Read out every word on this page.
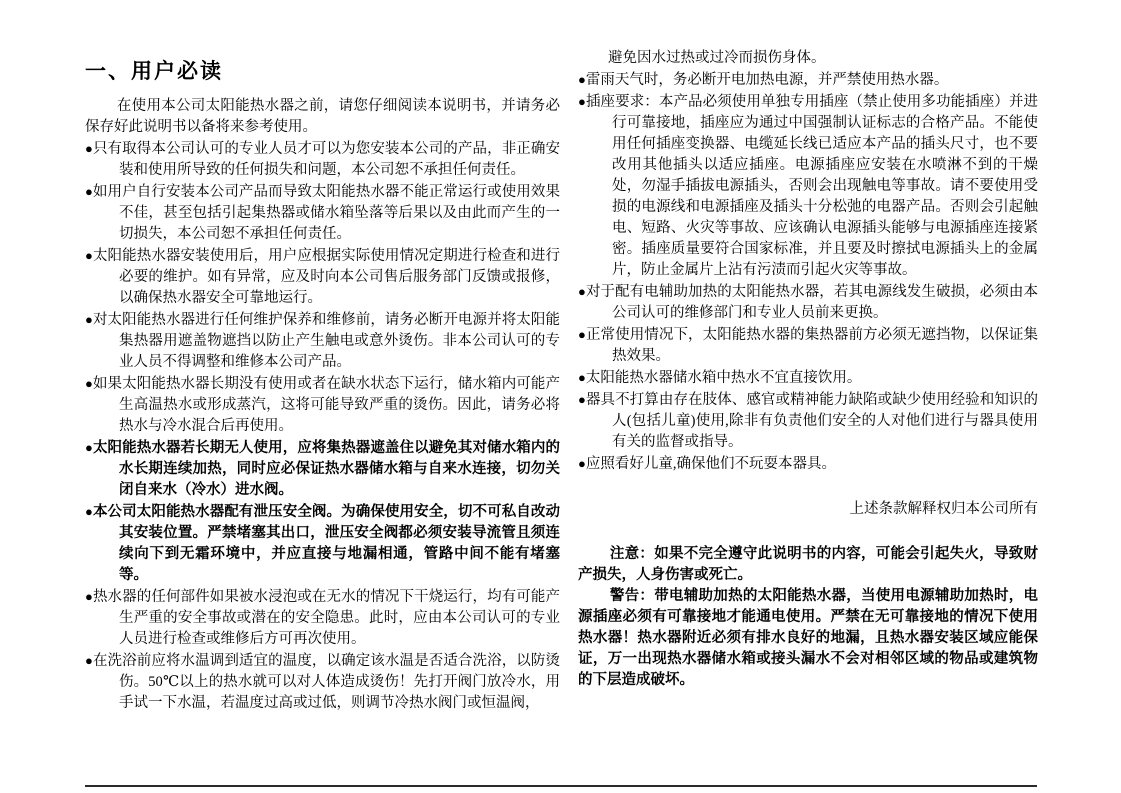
一、用户必读

在使用本公司太阳能热水器之前，请您仔细阅读本说明书，并请务必保存好此说明书以备将来参考使用。

●只有取得本公司认可的专业人员才可以为您安装本公司的产品，非正确安装和使用所导致的任何损失和问题，本公司恕不承担任何责任。

●如用户自行安装本公司产品而导致太阳能热水器不能正常运行或使用效果不佳，甚至包括引起集热器或储水箱坠落等后果以及由此而产生的一切损失，本公司恕不承担任何责任。

●太阳能热水器安装使用后，用户应根据实际使用情况定期进行检查和进行必要的维护。如有异常，应及时向本公司售后服务部门反馈或报修，以确保热水器安全可靠地运行。

●对太阳能热水器进行任何维护保养和维修前，请务必断开电源并将太阳能集热器用遮盖物遮挡以防止产生触电或意外烫伤。非本公司认可的专业人员不得调整和维修本公司产品。

●如果太阳能热水器长期没有使用或者在缺水状态下运行，储水箱内可能产生高温热水或形成蒸汽，这将可能导致严重的烫伤。因此，请务必将热水与冷水混合后再使用。

●太阳能热水器若长期无人使用，应将集热器遮盖住以避免其对储水箱内的水长期连续加热，同时应必保证热水器储水箱与自来水连接，切勿关闭自来水（冷水）进水阀。

●本公司太阳能热水器配有泄压安全阀。为确保使用安全，切不可私自改动其安装位置。严禁堵塞其出口，泄压安全阀都必须安装导流管且须连续向下到无霜环境中，并应直接与地漏相通，管路中间不能有堵塞等。

●热水器的任何部件如果被水浸泡或在无水的情况下干烧运行，均有可能产生严重的安全事故或潜在的安全隐患。此时，应由本公司认可的专业人员进行检查或维修后方可再次使用。

●在洗浴前应将水温调到适宜的温度，以确定该水温是否适合洗浴，以防烫伤。50℃以上的热水就可以对人体造成烫伤！先打开阀门放冷水，用手试一下水温，若温度过高或过低，则调节冷热水阀门或恒温阀，

避免因水过热或过冷而损伤身体。

●雷雨天气时，务必断开电加热电源，并严禁使用热水器。

●插座要求：本产品必须使用单独专用插座（禁止使用多功能插座）并进行可靠接地，插座应为通过中国强制认证标志的合格产品。不能使用任何插座变换器、电缆延长线已适应本产品的插头尺寸，也不要改用其他插头以适应插座。电源插座应安装在水喷淋不到的干燥处，勿湿手插拔电源插头，否则会出现触电等事故。请不要使用受损的电源线和电源插座及插头十分松弛的电器产品。否则会引起触电、短路、火灾等事故、应该确认电源插头能够与电源插座连接紧密。插座质量要符合国家标准，并且要及时擦拭电源插头上的金属片，防止金属片上沾有污渍而引起火灾等事故。

●对于配有电辅助加热的太阳能热水器，若其电源线发生破损，必须由本公司认可的维修部门和专业人员前来更换。

●正常使用情况下，太阳能热水器的集热器前方必须无遮挡物，以保证集热效果。

●太阳能热水器储水箱中热水不宜直接饮用。

●器具不打算由存在肢体、感官或精神能力缺陷或缺少使用经验和知识的人(包括儿童)使用,除非有负责他们安全的人对他们进行与器具使用有关的监督或指导。

●应照看好儿童,确保他们不玩耍本器具。

上述条款解释权归本公司所有

注意：如果不完全遵守此说明书的内容，可能会引起失火，导致财产损失，人身伤害或死亡。

警告：带电辅助加热的太阳能热水器，当使用电源辅助加热时，电源插座必须有可靠接地才能通电使用。严禁在无可靠接地的情况下使用热水器！热水器附近必须有排水良好的地漏，且热水器安装区域应能保证，万一出现热水器储水箱或接头漏水不会对相邻区域的物品或建筑物的下层造成破坏。
